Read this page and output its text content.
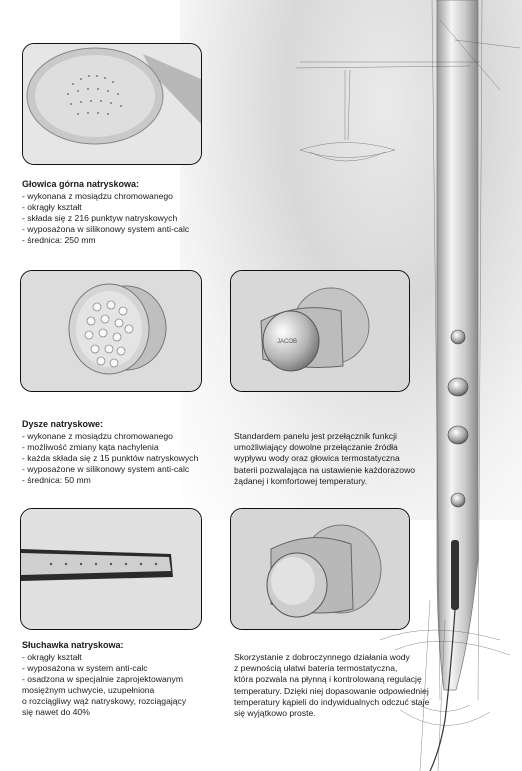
Głowica górna natryskowa:
- wykonana z mosiądzu chromowanego
- okrągły kształt
- składa się z 216 punktyw natryskowych
- wyposażona w silikonowy system anti-calc
- średnica: 250 mm
JACOB
Dysze natryskowe:
- wykonane z mosiądzu chromowanego
- możliwość zmiany kąta nachylenia
- każda składa się z 15 punktów natryskowych
- wyposażone w silikonowy system anti-calc
- średnica: 50 mm
Standardem panelu jest przełącznik funkcji
umożliwiający dowolne przełączanie źródła
wypływu wody oraz głowica termostatyczna
baterii pozwalająca na ustawienie każdorazowo
żądanej i komfortowej temperatury.
Słuchawka natryskowa:
- okrągły kształt
- wyposażona w system anti-calc
- osadzona w specjalnie zaprojektowanym
mosiężnym uchwycie, uzupełniona
o rozciągliwy wąż natryskowy, rozciągający
się nawet do 40%
Skorzystanie z dobroczynnego działania wody
z pewnością ułatwi bateria termostatyczna,
która pozwala na płynną i kontrolowaną regulację
temperatury. Dzięki niej dopasowanie odpowiedniej
temperatury kąpieli do indywidualnych odczuć staje
się wyjątkowo proste.
